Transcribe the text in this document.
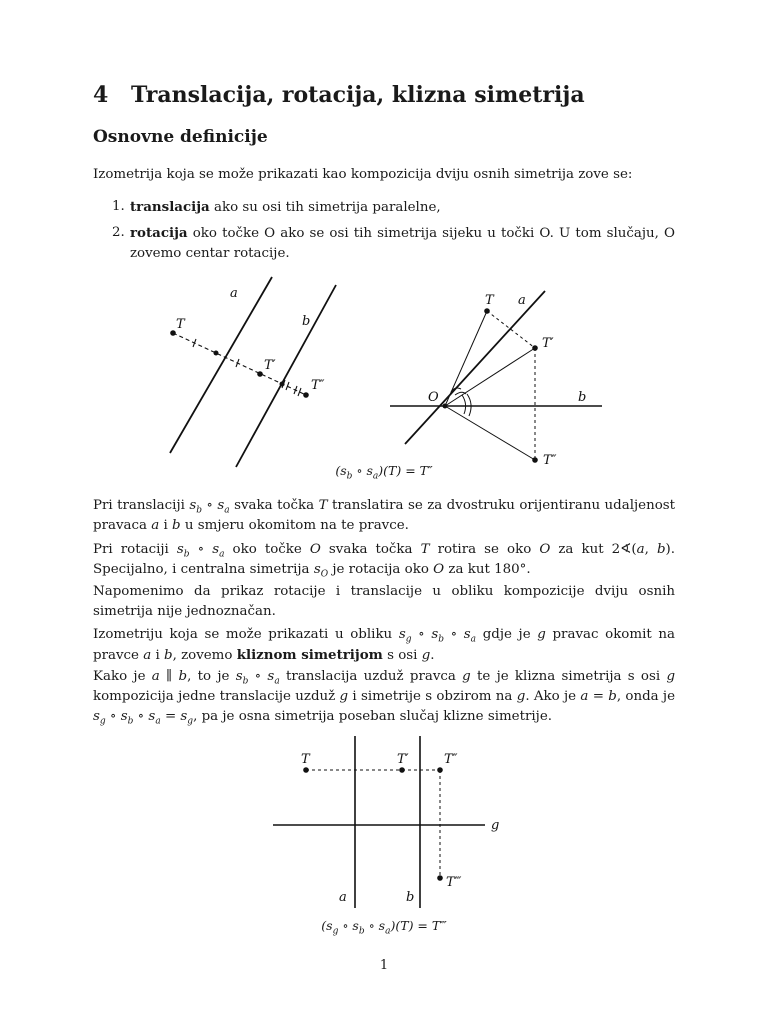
4 Translacija, rotacija, klizna simetrija
Osnovne definicije

Izometrija koja se može prikazati kao kompozicija dviju osnih simetrija zove se:

1. translacija ako su osi tih simetrija paralelne,

2. rotacija oko točke O ako se osi tih simetrija sijeku u točki O. U tom slučaju, O zovemo centar rotacije.

a
b
T
T′
T″
T a
T′
O	b
T″
($s_b$ ∘ $s_a)(T) = T''$

Pri translaciji $s_b$ ∘ $s_a$ svaka točka T translatira se za dvostruku orijentiranu udaljenost pravaca a i b u smjeru okomitom na te pravce.

Pri rotaciji $s_b$ ∘ $s_a$ oko točke O svaka točka T rotira se oko O za kut 2∢(a, b). Specijalno, i centralna simetrija $s_O$ je rotacija oko O za kut 180°.

Napomenimo da prikaz rotacije i translacije u obliku kompozicije dviju osnih simetrija nije jednoznačan.

Izometriju koja se može prikazati u obliku $s_g$ ∘ $s_b$ ∘ $s_a$ gdje je g pravac okomit na pravce a i b, zovemo kliznom simetrijom s osi g.

Kako je a ∥ b, to je $s_b$ ∘ $s_a$ translacija uzduž pravca g te je klizna simetrija s osi g kompozicija jedne translacije uzduž g i simetrije s obzirom na g. Ako je a = b, onda je $s_g$ ∘ $s_b$ ∘ $s_a = s_g$, pa je osna simetrija poseban slučaj klizne simetrije.

T	T′	T″
T‴
a	b
g
($s_g$ ∘ $s_b$ ∘ $s_a)(T)$ = T‴
1
